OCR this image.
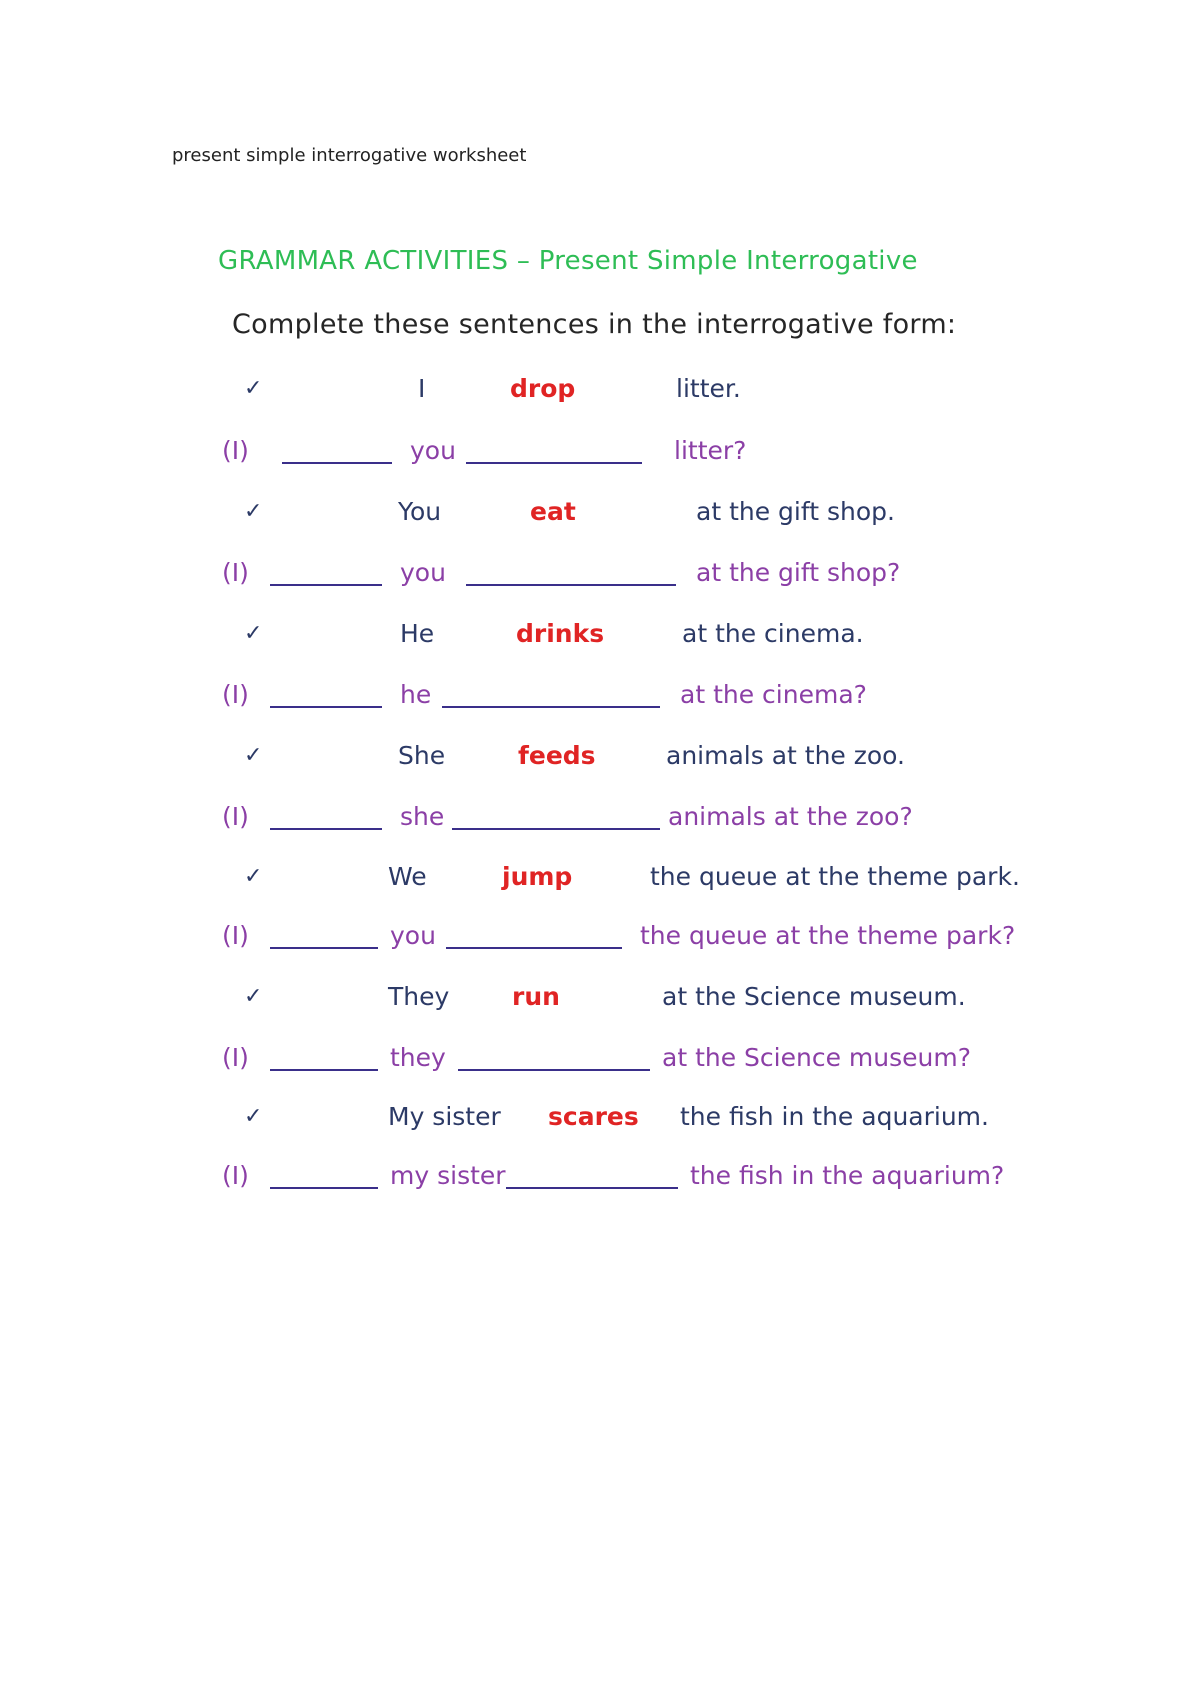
present simple interrogative worksheet
GRAMMAR ACTIVITIES – Present Simple Interrogative
Complete these sentences in the interrogative form:
✓	I	drop	litter.
(I)	you	litter?
✓	You	eat	at the gift shop.
(I)	you	at the gift shop?
✓	He	drinks	at the cinema.
(I)	he	at the cinema?
✓	She	feeds	animals at the zoo.
(I)	she	animals at the zoo?
✓	We	jump	the queue at the theme park.
(I)	you	the queue at the theme park?
✓	They	run	at the Science museum.
(I)	they	at the Science museum?
✓	My sister scares the fish in the aquarium.
(I)	my sister	the fish in the aquarium?
